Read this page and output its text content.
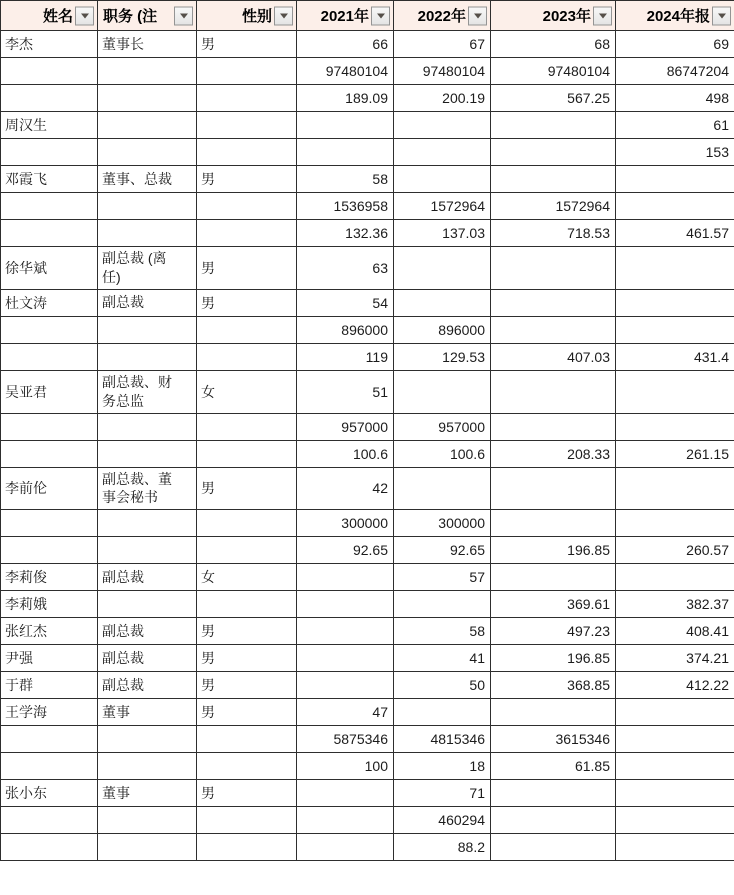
姓名	职务 (注	性别	2021年	2022年	2023年	2024年报

李杰	董事长	男	66	67	68	69
			97480104	97480104	97480104	86747204
			189.09	200.19	567.25	498
周汉生						61
						153
邓霞飞	董事、总裁	男	58			
			1536958	1572964	1572964	
			132.36	137.03	718.53	461.57
徐华斌	副总裁 (离任)	男	63			
杜文涛	副总裁	男	54			
			896000	896000		
			119	129.53	407.03	431.4
吴亚君	副总裁、财务总监	女	51			
			957000	957000		
			100.6	100.6	208.33	261.15
李前伦	副总裁、董事会秘书	男	42			
			300000	300000		
			92.65	92.65	196.85	260.57
李莉俊	副总裁	女		57		
李莉娥					369.61	382.37
张红杰	副总裁	男		58	497.23	408.41
尹强	副总裁	男		41	196.85	374.21
于群	副总裁	男		50	368.85	412.22
王学海	董事	男	47			
			5875346	4815346	3615346	
			100	18	61.85	
张小东	董事	男		71		
				460294		
				88.2		
